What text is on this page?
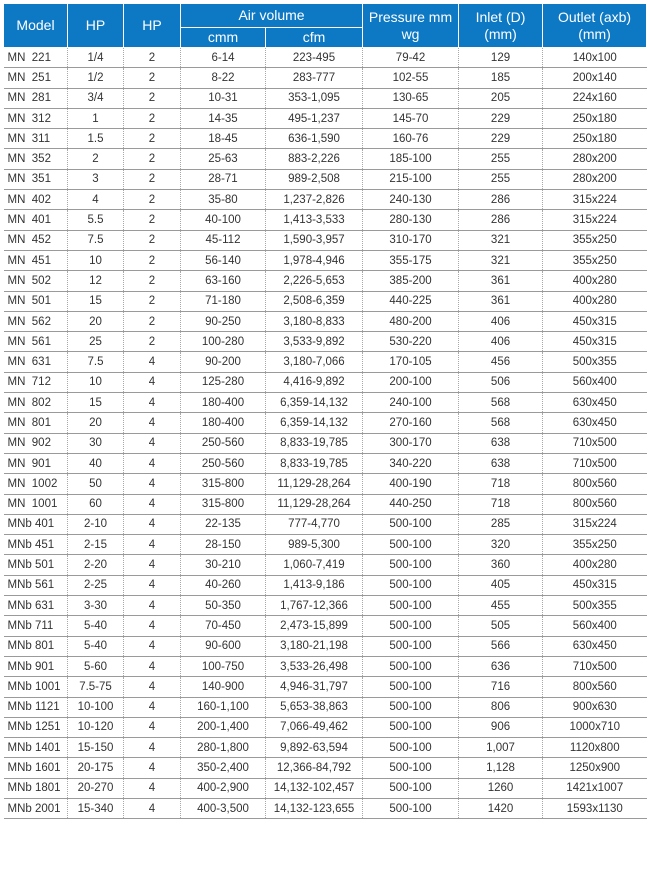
Model	HP	HP	Air volume		Pressure mm wg	Inlet (D) (mm)	Outlet (axb) (mm)
			cmm	cfm			
MN  221	1/4	2	6-14	223-495	79-42	129	140x100
MN  251	1/2	2	8-22	283-777	102-55	185	200x140
MN  281	3/4	2	10-31	353-1,095	130-65	205	224x160
MN  312	1	2	14-35	495-1,237	145-70	229	250x180
MN  311	1.5	2	18-45	636-1,590	160-76	229	250x180
MN  352	2	2	25-63	883-2,226	185-100	255	280x200
MN  351	3	2	28-71	989-2,508	215-100	255	280x200
MN  402	4	2	35-80	1,237-2,826	240-130	286	315x224
MN  401	5.5	2	40-100	1,413-3,533	280-130	286	315x224
MN  452	7.5	2	45-112	1,590-3,957	310-170	321	355x250
MN  451	10	2	56-140	1,978-4,946	355-175	321	355x250
MN  502	12	2	63-160	2,226-5,653	385-200	361	400x280
MN  501	15	2	71-180	2,508-6,359	440-225	361	400x280
MN  562	20	2	90-250	3,180-8,833	480-200	406	450x315
MN  561	25	2	100-280	3,533-9,892	530-220	406	450x315
MN  631	7.5	4	90-200	3,180-7,066	170-105	456	500x355
MN  712	10	4	125-280	4,416-9,892	200-100	506	560x400
MN  802	15	4	180-400	6,359-14,132	240-100	568	630x450
MN  801	20	4	180-400	6,359-14,132	270-160	568	630x450
MN  902	30	4	250-560	8,833-19,785	300-170	638	710x500
MN  901	40	4	250-560	8,833-19,785	340-220	638	710x500
MN  1002	50	4	315-800	11,129-28,264	400-190	718	800x560
MN  1001	60	4	315-800	11,129-28,264	440-250	718	800x560
MNb 401	2-10	4	22-135	777-4,770	500-100	285	315x224
MNb 451	2-15	4	28-150	989-5,300	500-100	320	355x250
MNb 501	2-20	4	30-210	1,060-7,419	500-100	360	400x280
MNb 561	2-25	4	40-260	1,413-9,186	500-100	405	450x315
MNb 631	3-30	4	50-350	1,767-12,366	500-100	455	500x355
MNb 711	5-40	4	70-450	2,473-15,899	500-100	505	560x400
MNb 801	5-40	4	90-600	3,180-21,198	500-100	566	630x450
MNb 901	5-60	4	100-750	3,533-26,498	500-100	636	710x500
MNb 1001	7.5-75	4	140-900	4,946-31,797	500-100	716	800x560
MNb 1121	10-100	4	160-1,100	5,653-38,863	500-100	806	900x630
MNb 1251	10-120	4	200-1,400	7,066-49,462	500-100	906	1000x710
MNb 1401	15-150	4	280-1,800	9,892-63,594	500-100	1,007	1120x800
MNb 1601	20-175	4	350-2,400	12,366-84,792	500-100	1,128	1250x900
MNb 1801	20-270	4	400-2,900	14,132-102,457	500-100	1260	1421x1007
MNb 2001	15-340	4	400-3,500	14,132-123,655	500-100	1420	1593x1130
